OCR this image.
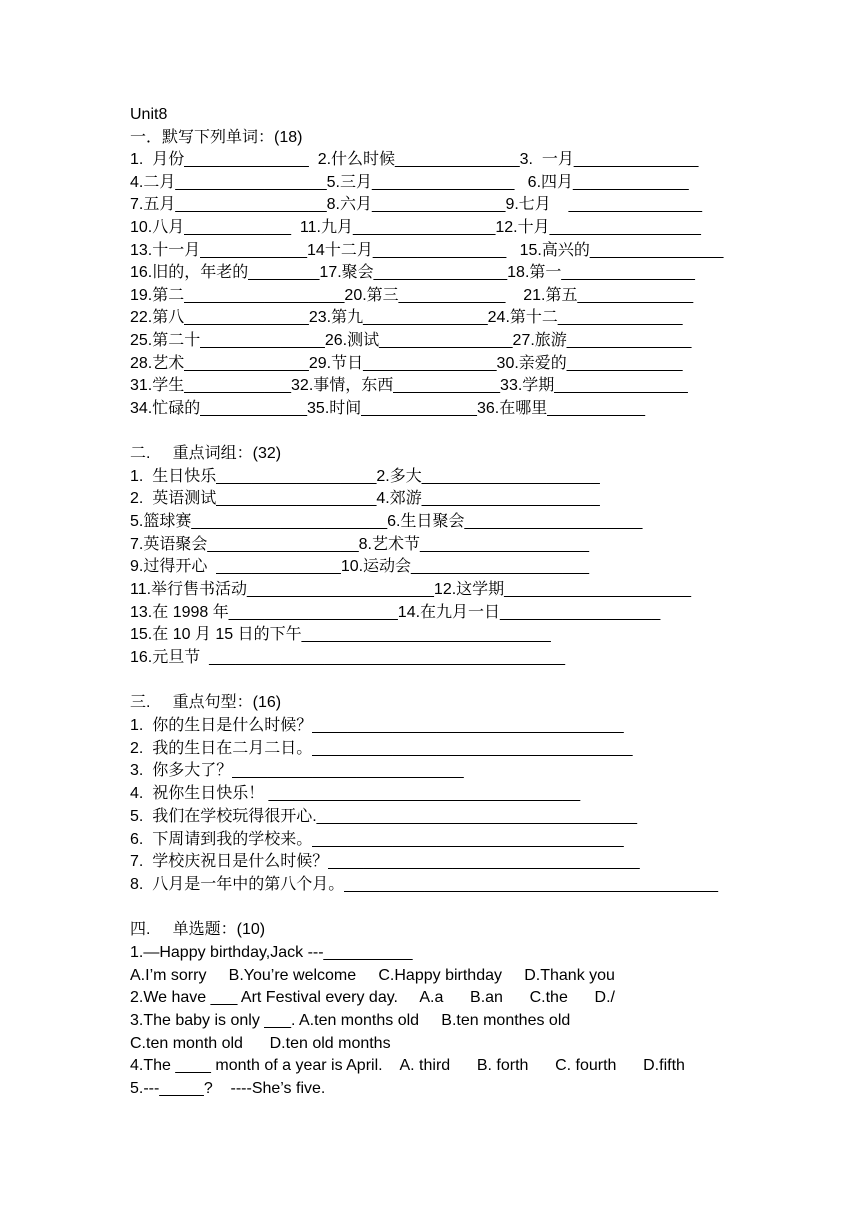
Unit8
一．默写下列单词：(18)
1.  月份______________  2.什么时候______________3.  一月______________
4.二月_________________5.三月________________   6.四月_____________
7.五月_________________8.六月_______________9.七月    _______________
10.八月____________  11.九月________________12.十月_________________
13.十一月____________14十二月_______________   15.高兴的_______________
16.旧的，年老的________17.聚会_______________18.第一_______________
19.第二__________________20.第三____________    21.第五_____________
22.第八______________23.第九______________24.第十二______________
25.第二十______________26.测试_______________27.旅游______________
28.艺术______________29.节日_______________30.亲爱的_____________
31.学生____________32.事情，东西____________33.学期_______________
34.忙碌的____________35.时间_____________36.在哪里___________
二.     重点词组：(32)
1.  生日快乐__________________2.多大____________________
2.  英语测试__________________4.郊游____________________
5.篮球赛______________________6.生日聚会____________________
7.英语聚会_________________8.艺术节___________________
9.过得开心  ______________10.运动会____________________
11.举行售书活动_____________________12.这学期_____________________
13.在 1998 年___________________14.在九月一日__________________
15.在 10 月 15 日的下午____________________________
16.元旦节  ________________________________________
三.     重点句型：(16)
1.  你的生日是什么时候？___________________________________
2.  我的生日在二月二日。____________________________________
3.  你多大了？__________________________
4.  祝你生日快乐！ ___________________________________
5.  我们在学校玩得很开心.____________________________________
6.  下周请到我的学校来。___________________________________
7.  学校庆祝日是什么时候？___________________________________
8.  八月是一年中的第八个月。__________________________________________
四.     单选题：(10)
1.—Happy birthday,Jack ---__________
A.I’m sorry     B.You’re welcome     C.Happy birthday     D.Thank you
2.We have ___ Art Festival every day.     A.a      B.an      C.the      D./
3.The baby is only ___. A.ten months old     B.ten monthes old
C.ten month old      D.ten old months
4.The ____ month of a year is April.    A. third      B. forth      C. fourth      D.fifth
5.---_____?    ----She’s five.
